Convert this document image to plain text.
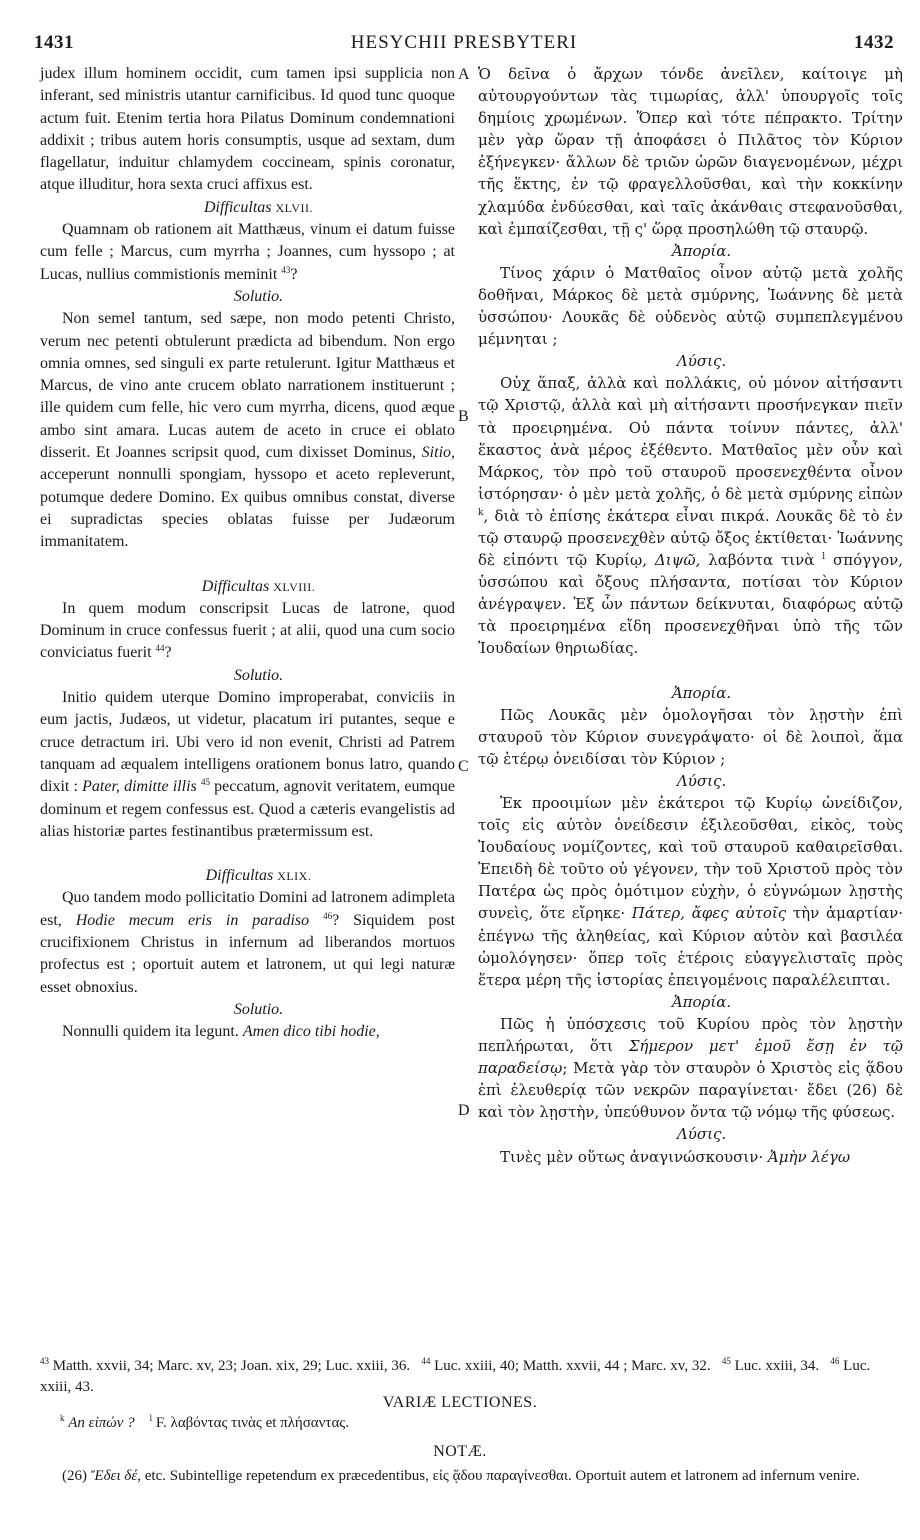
1431	HESYCHII PRESBYTERI	1432
A
B
C
D

judex illum hominem occidit, cum tamen ipsi supplicia non inferant, sed ministris utantur carnificibus. Id quod tunc quoque actum fuit. Etenim tertia hora Pilatus Dominum condemnationi addixit ; tribus autem horis consumptis, usque ad sextam, dum flagellatur, induitur chlamydem coccineam, spinis coronatur, atque illuditur, hora sexta cruci affixus est.

Difficultas XLVII.

Quamnam ob rationem ait Matthæus, vinum ei datum fuisse cum felle ; Marcus, cum myrrha ; Joannes, cum hyssopo ; at Lucas, nullius commistionis meminit $^{43}$?

Solutio.

Non semel tantum, sed sæpe, non modo petenti Christo, verum nec petenti obtulerunt prædicta ad bibendum. Non ergo omnia omnes, sed singuli ex parte retulerunt. Igitur Matthæus et Marcus, de vino ante crucem oblato narrationem instituerunt ; ille quidem cum felle, hic vero cum myrrha, dicens, quod æque ambo sint amara. Lucas autem de aceto in cruce ei oblato disserit. Et Joannes scripsit quod, cum dixisset Dominus, Sitio, acceperunt nonnulli spongiam, hyssopo et aceto repleverunt, potumque dedere Domino. Ex quibus omnibus constat, diverse ei supradictas species oblatas fuisse per Judæorum immanitatem.

Difficultas XLVIII.

In quem modum conscripsit Lucas de latrone, quod Dominum in cruce confessus fuerit ; at alii, quod una cum socio conviciatus fuerit $^{44}$?

Solutio.

Initio quidem uterque Domino improperabat, conviciis in eum jactis, Judæos, ut videtur, placatum iri putantes, seque e cruce detractum iri. Ubi vero id non evenit, Christi ad Patrem tanquam ad æqualem intelligens orationem bonus latro, quando dixit : Pater, dimitte illis $^{45}$ peccatum, agnovit veritatem, eumque dominum et regem confessus est. Quod a cæteris evangelistis ad alias historiæ partes festinantibus prætermissum est.

Difficultas XLIX.

Quo tandem modo pollicitatio Domini ad latronem adimpleta est, Hodie mecum eris in paradiso $^{46}$? Siquidem post crucifixionem Christus in infernum ad liberandos mortuos profectus est ; oportuit autem et latronem, ut qui legi naturæ esset obnoxius.

Solutio.

Nonnulli quidem ita legunt. Amen dico tibi hodie,

Ὁ δεῖνα ὁ ἄρχων τόνδε ἀνεῖλεν, καίτοιγε μὴ αὐτουργούντων τὰς τιμωρίας, ἀλλ' ὑπουργοῖς τοῖς δημίοις χρωμένων. Ὅπερ καὶ τότε πέπρακτο. Τρίτην μὲν γὰρ ὥραν τῇ ἀποφάσει ὁ Πιλᾶτος τὸν Κύριον ἐξήνεγκεν· ἄλλων δὲ τριῶν ὡρῶν διαγενομένων, μέχρι τῆς ἕκτης, ἐν τῷ φραγελλοῦσθαι, καὶ τὴν κοκκίνην χλαμύδα ἐνδύεσθαι, καὶ ταῖς ἀκάνθαις στεφανοῦσθαι, καὶ ἐμπαίζεσθαι, τῇ ς' ὥρᾳ προσηλώθη τῷ σταυρῷ.

Ἀπορία.

Τίνος χάριν ὁ Ματθαῖος οἶνον αὐτῷ μετὰ χολῆς δοθῆναι, Μάρκος δὲ μετὰ σμύρνης, Ἰωάννης δὲ μετὰ ὑσσώπου· Λουκᾶς δὲ οὐδενὸς αὐτῷ συμπεπλεγμένου μέμνηται ;

Λύσις.

Οὐχ ἅπαξ, ἀλλὰ καὶ πολλάκις, οὐ μόνον αἰτήσαντι τῷ Χριστῷ, ἀλλὰ καὶ μὴ αἰτήσαντι προσήνεγκαν πιεῖν τὰ προειρημένα. Οὐ πάντα τοίνυν πάντες, ἀλλ' ἕκαστος ἀνὰ μέρος ἐξέθεντο. Ματθαῖος μὲν οὖν καὶ Μάρκος, τὸν πρὸ τοῦ σταυροῦ προσενεχθέντα οἶνον ἱστόρησαν· ὁ μὲν μετὰ χολῆς, ὁ δὲ μετὰ σμύρνης εἰπὼν $^k$, διὰ τὸ ἐπίσης ἑκάτερα εἶναι πικρά. Λουκᾶς δὲ τὸ ἐν τῷ σταυρῷ προσενεχθὲν αὐτῷ ὄξος ἐκτίθεται· Ἰωάννης δὲ εἰπόντι τῷ Κυρίῳ, Διψῶ, λαβόντα τινὰ $^l$ σπόγγον, ὑσσώπου καὶ ὄξους πλήσαντα, ποτίσαι τὸν Κύριον ἀνέγραψεν. Ἐξ ὧν πάντων δείκνυται, διαφόρως αὐτῷ τὰ προειρημένα εἴδη προσενεχθῆναι ὑπὸ τῆς τῶν Ἰουδαίων θηριωδίας.

Ἀπορία.

Πῶς Λουκᾶς μὲν ὁμολογῆσαι τὸν λῃστὴν ἐπὶ σταυροῦ τὸν Κύριον συνεγράψατο· οἱ δὲ λοιποὶ, ἅμα τῷ ἑτέρῳ ὀνειδίσαι τὸν Κύριον ;

Λύσις.

Ἐκ προοιμίων μὲν ἑκάτεροι τῷ Κυρίῳ ὠνείδιζον, τοῖς εἰς αὐτὸν ὀνείδεσιν ἐξιλεοῦσθαι, εἰκὸς, τοὺς Ἰουδαίους νομίζοντες, καὶ τοῦ σταυροῦ καθαιρεῖσθαι. Ἐπειδὴ δὲ τοῦτο οὐ γέγονεν, τὴν τοῦ Χριστοῦ πρὸς τὸν Πατέρα ὡς πρὸς ὁμότιμον εὐχὴν, ὁ εὐγνώμων λῃστὴς συνεὶς, ὅτε εἴρηκε· Πάτερ, ἄφες αὐτοῖς τὴν ἁμαρτίαν· ἐπέγνω τῆς ἀληθείας, καὶ Κύριον αὐτὸν καὶ βασιλέα ὡμολόγησεν· ὅπερ τοῖς ἑτέροις εὐαγγελισταῖς πρὸς ἕτερα μέρη τῆς ἱστορίας ἐπειγομένοις παραλέλειπται.

Ἀπορία.

Πῶς ἡ ὑπόσχεσις τοῦ Κυρίου πρὸς τὸν λῃστὴν πεπλήρωται, ὅτι Σήμερον μετ' ἐμοῦ ἔσῃ ἐν τῷ παραδείσῳ; Μετὰ γὰρ τὸν σταυρὸν ὁ Χριστὸς εἰς ᾅδου ἐπὶ ἐλευθερίᾳ τῶν νεκρῶν παραγίνεται· ἔδει (26) δὲ καὶ τὸν λῃστὴν, ὑπεύθυνον ὄντα τῷ νόμῳ τῆς φύσεως.

Λύσις.

Τινὲς μὲν οὕτως ἀναγινώσκουσιν· Ἀμὴν λέγω

$^{43}$ Matth. xxvii, 34; Marc. xv, 23; Joan. xix, 29; Luc. xxiii, 36. $^{44}$ Luc. xxiii, 40; Matth. xxvii, 44 ; Marc. xv, 32. $^{45}$ Luc. xxiii, 34. $^{46}$ Luc. xxiii, 43.

VARIÆ LECTIONES.
$^k$ An εἰπών ? $^l$ F. λαβόντας τινὰς et πλήσαντας.
NOTÆ.

(26) Ἔδει δέ, etc. Subintellige repetendum ex præcedentibus, εἰς ᾅδου παραγίνεσθαι. Oportuit autem et latronem ad infernum venire.
